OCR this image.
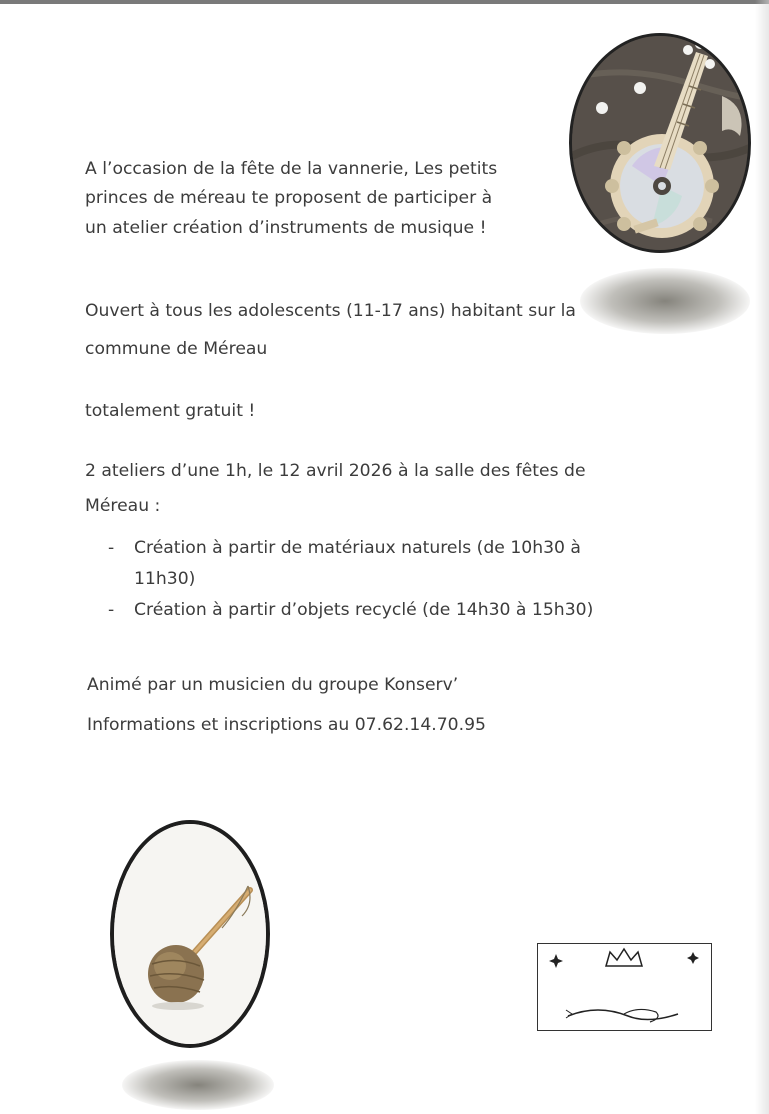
A l’occasion de la fête de la vannerie, Les petits
princes de méreau te proposent de participer à
un atelier création d’instruments de musique !
Ouvert à tous les adolescents (11-17 ans) habitant sur la
commune de Méreau
totalement gratuit !
2 ateliers d’une 1h, le 12 avril 2026 à la salle des fêtes de
Méreau :
- Création à partir de matériaux naturels (de 10h30 à
11h30)
- Création à partir d’objets recyclé (de 14h30 à 15h30)
Animé par un musicien du groupe Konserv’
Informations et inscriptions au 07.62.14.70.95
